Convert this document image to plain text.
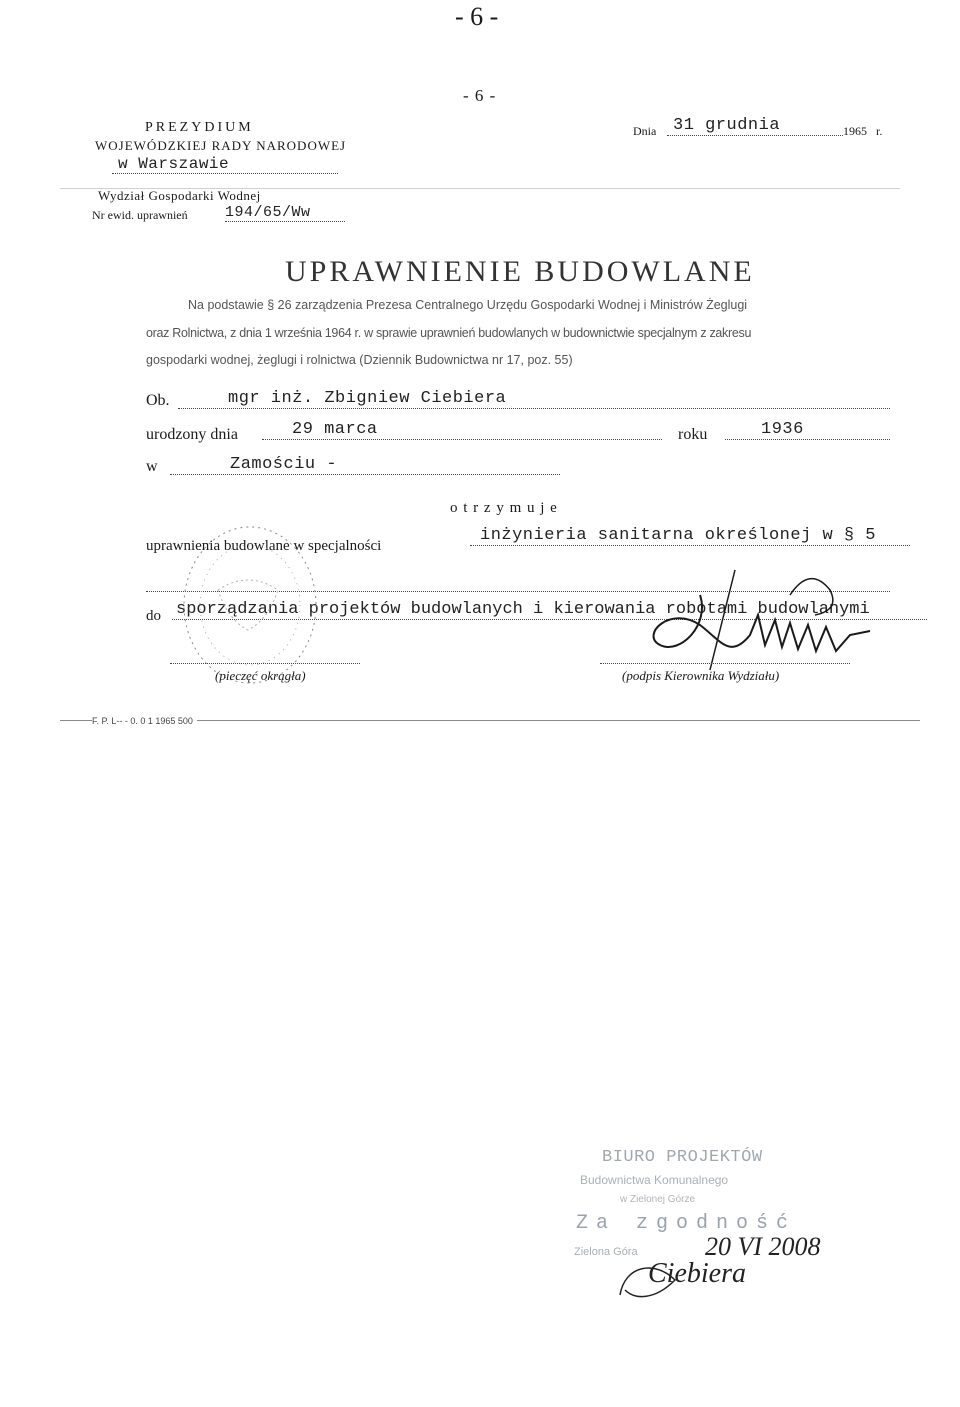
- 6 -
- 6 -
PREZYDIUM
WOJEWÓDZKIEJ RADY NARODOWEJ
w Warszawie
Wydział Gospodarki Wodnej
Nr ewid. uprawnień 194/65/Ww
Dnia 31 grudnia	1965 r.
UPRAWNIENIE BUDOWLANE
Na podstawie § 26 zarządzenia Prezesa Centralnego Urzędu Gospodarki Wodnej i Ministrów Żeglugi
oraz Rolnictwa, z dnia 1 września 1964 r. w sprawie uprawnień budowlanych w budownictwie specjalnym z zakresu
gospodarki wodnej, żeglugi i rolnictwa (Dziennik Budownictwa nr 17, poz. 55)
Ob.	mgr inż. Zbigniew Ciebiera
urodzony dnia	29 marca	roku	1936
w	Zamościu -
o t r z y m u j e
uprawnienia budowlane w specjalności
inżynieria sanitarna określonej w § 5
do sporządzania projektów budowlanych i kierowania robotami budowlanymi
(pieczęć okrągła)	(podpis Kierownika Wydziału)
F. P. L-- - 0. 0 1 1965 500
BIURO PROJEKTÓW
Budownictwa Komunalnego
w Zielonej Górze
Za zgodność
Zielona Góra	20 VI 2008
Ciebiera
